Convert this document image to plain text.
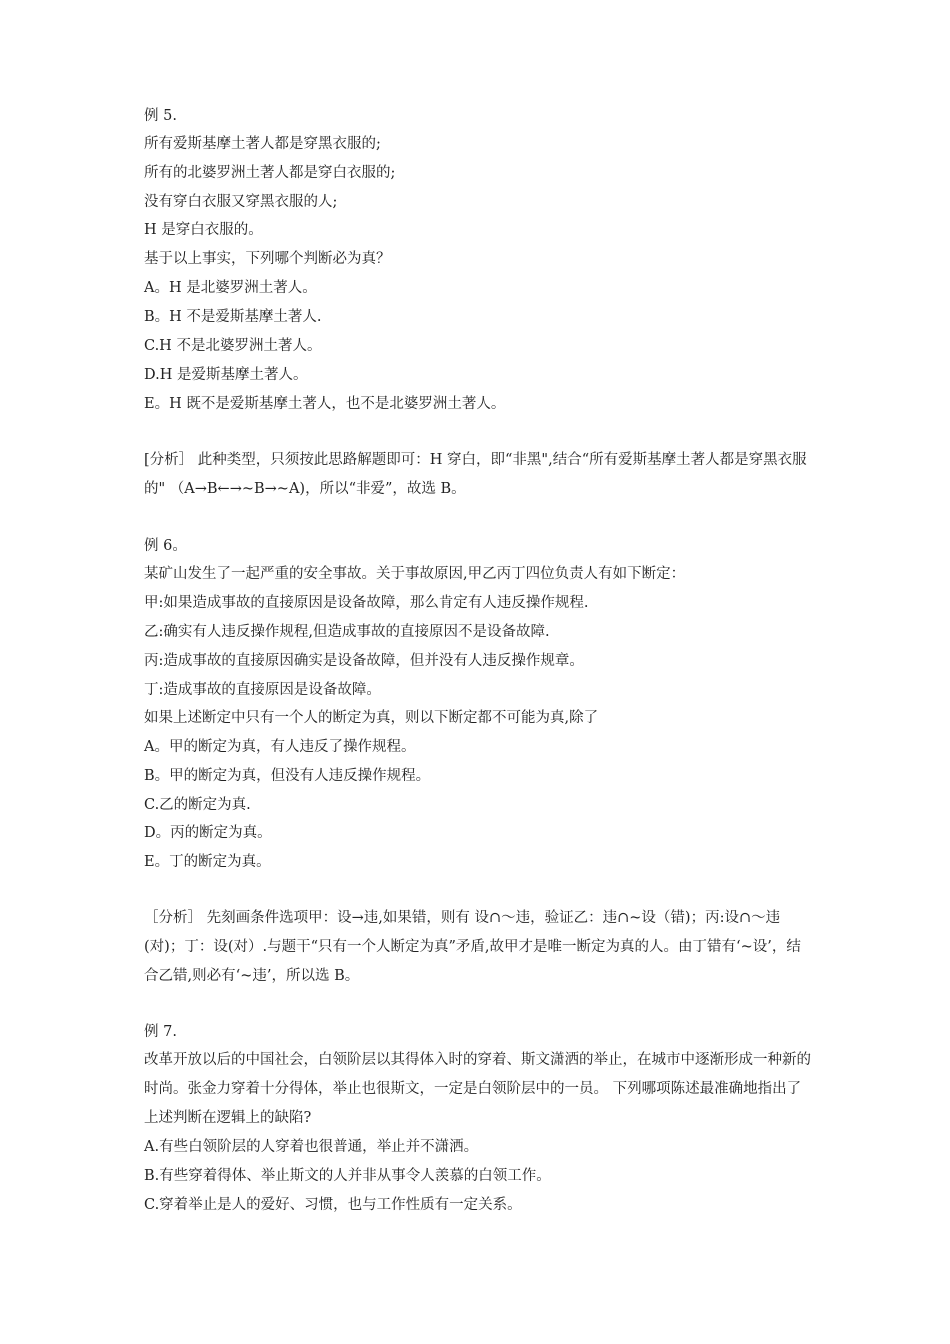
例 5.
所有爱斯基摩土著人都是穿黑衣服的;
所有的北婆罗洲土著人都是穿白衣服的;
没有穿白衣服又穿黑衣服的人;
H 是穿白衣服的。
基于以上事实，下列哪个判断必为真？
A。H 是北婆罗洲土著人。
B。H 不是爱斯基摩土著人.
C.H 不是北婆罗洲土著人。
D.H 是爱斯基摩土著人。
E。H 既不是爱斯基摩土著人，也不是北婆罗洲土著人。
[分析］ 此种类型，只须按此思路解题即可：H 穿白，即“非黑",结合“所有爱斯基摩土著人都是穿黑衣服的" （A→B←→~B→~A)，所以“非爱”，故选 B。
例 6。
某矿山发生了一起严重的安全事故。关于事故原因,甲乙丙丁四位负责人有如下断定：
甲:如果造成事故的直接原因是设备故障，那么肯定有人违反操作规程.
乙:确实有人违反操作规程,但造成事故的直接原因不是设备故障.
丙:造成事故的直接原因确实是设备故障，但并没有人违反操作规章。
丁:造成事故的直接原因是设备故障。
如果上述断定中只有一个人的断定为真，则以下断定都不可能为真,除了
A。甲的断定为真，有人违反了操作规程。
B。甲的断定为真，但没有人违反操作规程。
C.乙的断定为真.
D。丙的断定为真。
E。丁的断定为真。
［分析］ 先刻画条件选项甲：设→违,如果错，则有 设∩～违，验证乙：违∩~设（错)；丙:设∩～违(对)；丁：设(对）.与题干“只有一个人断定为真”矛盾,故甲才是唯一断定为真的人。由丁错有‘~设’，结合乙错,则必有‘~违’，所以选 B。
例 7.
改革开放以后的中国社会，白领阶层以其得体入时的穿着、斯文潇洒的举止，在城市中逐渐形成一种新的时尚。张金力穿着十分得体，举止也很斯文，一定是白领阶层中的一员。 下列哪项陈述最准确地指出了上述判断在逻辑上的缺陷?
A.有些白领阶层的人穿着也很普通，举止并不潇洒。
B.有些穿着得体、举止斯文的人并非从事令人羡慕的白领工作。
C.穿着举止是人的爱好、习惯，也与工作性质有一定关系。
